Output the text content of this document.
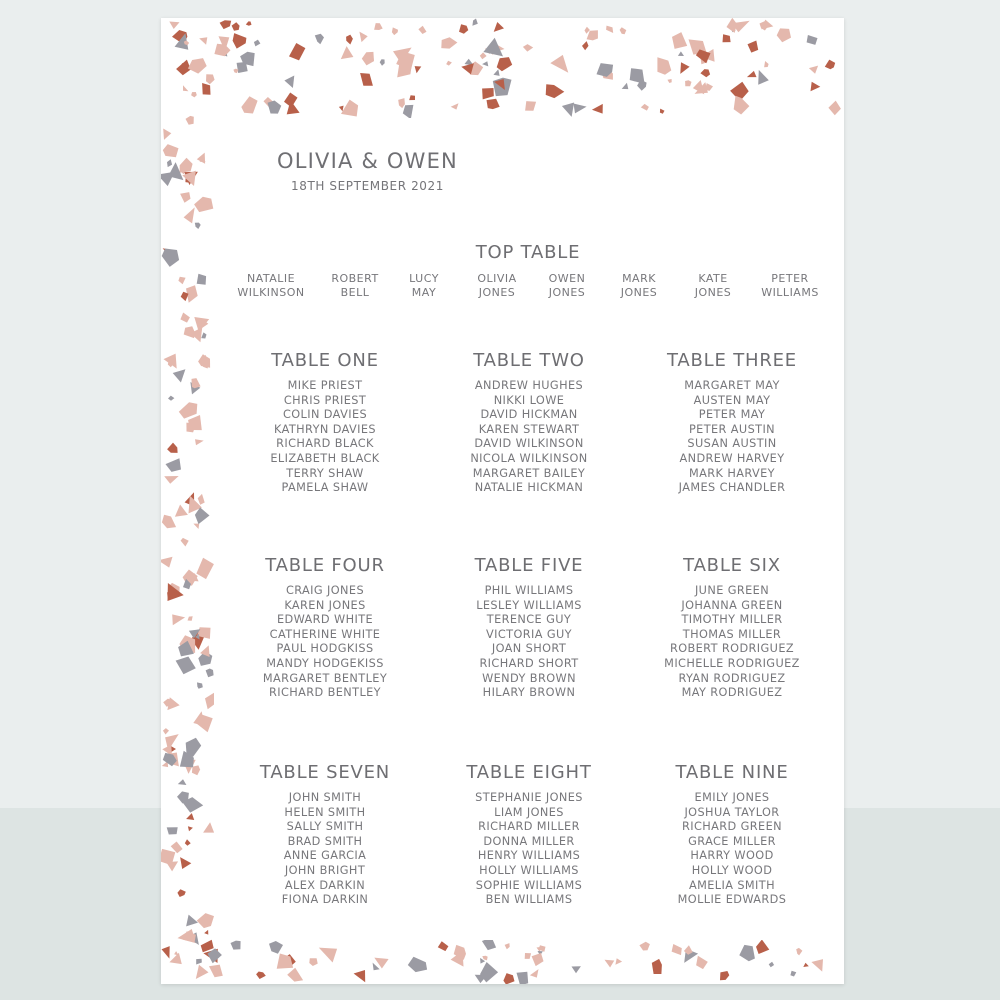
OLIVIA & OWEN
18TH SEPTEMBER 2021
TOP TABLE
NATALIE
WILKINSON
ROBERT
BELL
LUCY
MAY
OLIVIA
JONES
OWEN
JONES
MARK
JONES
KATE
JONES
PETER
WILLIAMS
TABLE ONE
MIKE PRIEST
CHRIS PRIEST
COLIN DAVIES
KATHRYN DAVIES
RICHARD BLACK
ELIZABETH BLACK
TERRY SHAW
PAMELA SHAW
TABLE TWO
ANDREW HUGHES
NIKKI LOWE
DAVID HICKMAN
KAREN STEWART
DAVID WILKINSON
NICOLA WILKINSON
MARGARET BAILEY
NATALIE HICKMAN
TABLE THREE
MARGARET MAY
AUSTEN MAY
PETER MAY
PETER AUSTIN
SUSAN AUSTIN
ANDREW HARVEY
MARK HARVEY
JAMES CHANDLER
TABLE FOUR
CRAIG JONES
KAREN JONES
EDWARD WHITE
CATHERINE WHITE
PAUL HODGKISS
MANDY HODGEKISS
MARGARET BENTLEY
RICHARD BENTLEY
TABLE FIVE
PHIL WILLIAMS
LESLEY WILLIAMS
TERENCE GUY
VICTORIA GUY
JOAN SHORT
RICHARD SHORT
WENDY BROWN
HILARY BROWN
TABLE SIX
JUNE GREEN
JOHANNA GREEN
TIMOTHY MILLER
THOMAS MILLER
ROBERT RODRIGUEZ
MICHELLE RODRIGUEZ
RYAN RODRIGUEZ
MAY RODRIGUEZ
TABLE SEVEN
JOHN SMITH
HELEN SMITH
SALLY SMITH
BRAD SMITH
ANNE GARCIA
JOHN BRIGHT
ALEX DARKIN
FIONA DARKIN
TABLE EIGHT
STEPHANIE JONES
LIAM JONES
RICHARD MILLER
DONNA MILLER
HENRY WILLIAMS
HOLLY WILLIAMS
SOPHIE WILLIAMS
BEN WILLIAMS
TABLE NINE
EMILY JONES
JOSHUA TAYLOR
RICHARD GREEN
GRACE MILLER
HARRY WOOD
HOLLY WOOD
AMELIA SMITH
MOLLIE EDWARDS
